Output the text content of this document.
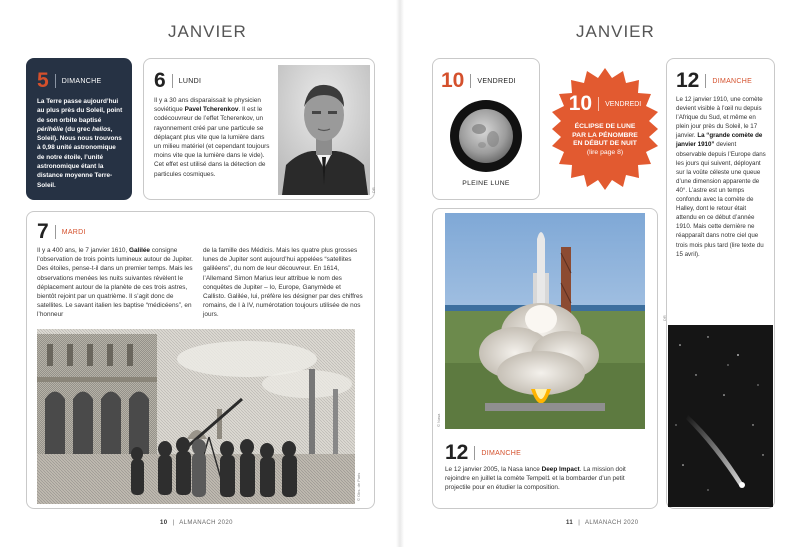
JANVIER	JANVIER
5 DIMANCHE
La Terre passe aujourd’hui au plus près du Soleil, point de son orbite baptisé périhélie (du grec helios, Soleil). Nous nous trouvons à 0,98 unité astronomique de notre étoile, l’unité astronomique étant la distance moyenne Terre-Soleil.
6 LUNDI
Il y a 30 ans disparaissait le physicien soviétique Pavel Tcherenkov. Il est le codécouvreur de l’effet Tcherenkov, un rayonnement créé par une particule se déplaçant plus vite que la lumière dans un milieu matériel (et cependant toujours moins vite que la lumière dans le vide). Cet effet est utilisé dans la détection de particules cosmiques.
DR
7 MARDI
Il y a 400 ans, le 7 janvier 1610, Galilée consigne l’observation de trois points lumineux autour de Jupiter. Des étoiles, pense-t-il dans un premier temps. Mais les observations menées les nuits suivantes révèlent le déplacement autour de la planète de ces trois astres, bientôt rejoint par un quatrième. Il s’agit donc de satellites. Le savant italien les baptise “médicéens”, en l’honneur
de la famille des Médicis. Mais les quatre plus grosses lunes de Jupiter sont aujourd’hui appelées “satellites galiléens”, du nom de leur découvreur. En 1614, l’Allemand Simon Marius leur attribue le nom des conquêtes de Jupiter – Io, Europe, Ganymède et Callisto. Galilée, lui, préfère les désigner par des chiffres romains, de I à IV, numérotation toujours utilisée de nos jours.
© Obs. de Paris
10 | ALMANACH 2020
10 VENDREDI
PLEINE LUNE
10 VENDREDI
ÉCLIPSE DE LUNE
PAR LA PÉNOMBRE
EN DÉBUT DE NUIT
(lire page 8)
© Nasa
12 DIMANCHE
Le 12 janvier 2005, la Nasa lance Deep Impact. La mission doit rejoindre en juillet la comète Tempel1 et la bombarder d’un petit projectile pour en étudier la composition.
12 DIMANCHE
Le 12 janvier 1910, une comète devient visible à l’œil nu depuis l’Afrique du Sud, et même en plein jour près du Soleil, le 17 janvier. La “grande comète de janvier 1910” devient observable depuis l’Europe dans les jours qui suivent, déployant sur la voûte céleste une queue d’une dimension apparente de 40°. L’astre est un temps confondu avec la comète de Halley, dont le retour était attendu en ce début d’année 1910. Mais cette dernière ne réapparaît dans notre ciel que trois mois plus tard (lire texte du 15 avril).
DR
11 | ALMANACH 2020
